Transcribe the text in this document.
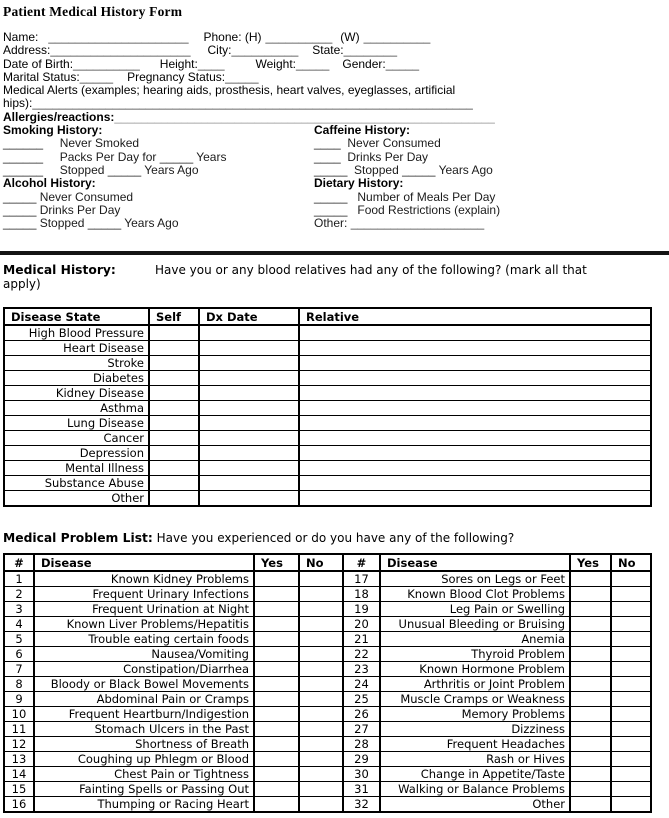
Patient Medical History Form
Name: _____________________ Phone: (H) __________ (W) __________
Address:_____________________ City:__________ State:________
Date of Birth:__________ Height:____	Weight:_____ Gender:_____
Marital Status:_____ Pregnancy Status:_____
Medical Alerts (examples; hearing aids, prosthesis, heart valves, eyeglasses, artificial
hips):__________________________________________________________________
Allergies/reactions:_________________________________________________________
Smoking History:
______     Never Smoked
______     Packs Per Day for _____ Years
______     Stopped _____ Years Ago
Alcohol History:
_____ Never Consumed
_____ Drinks Per Day
_____ Stopped _____ Years Ago
Caffeine History:
____  Never Consumed
____  Drinks Per Day
_____  Stopped _____ Years Ago
Dietary History:
_____   Number of Meals Per Day
_____   Food Restrictions (explain)
Other: ____________________
Medical History:	Have you or any blood relatives had any of the following? (mark all that
apply)
Disease State	Self	Dx Date	Relative
High Blood Pressure			
Heart Disease			
Stroke			
Diabetes			
Kidney Disease			
Asthma			
Lung Disease			
Cancer			
Depression			
Mental Illness			
Substance Abuse			
Other			
Medical Problem List: Have you experienced or do you have any of the following?
#	Disease	Yes	No	#	Disease	Yes	No
1	Known Kidney Problems			17	Sores on Legs or Feet		
2	Frequent Urinary Infections			18	Known Blood Clot Problems		
3	Frequent Urination at Night			19	Leg Pain or Swelling		
4	Known Liver Problems/Hepatitis			20	Unusual Bleeding or Bruising		
5	Trouble eating certain foods			21	Anemia		
6	Nausea/Vomiting			22	Thyroid Problem		
7	Constipation/Diarrhea			23	Known Hormone Problem		
8	Bloody or Black Bowel Movements			24	Arthritis or Joint Problem		
9	Abdominal Pain or Cramps			25	Muscle Cramps or Weakness		
10	Frequent Heartburn/Indigestion			26	Memory Problems		
11	Stomach Ulcers in the Past			27	Dizziness		
12	Shortness of Breath			28	Frequent Headaches		
13	Coughing up Phlegm or Blood			29	Rash or Hives		
14	Chest Pain or Tightness			30	Change in Appetite/Taste		
15	Fainting Spells or Passing Out			31	Walking or Balance Problems		
16	Thumping or Racing Heart			32	Other		
